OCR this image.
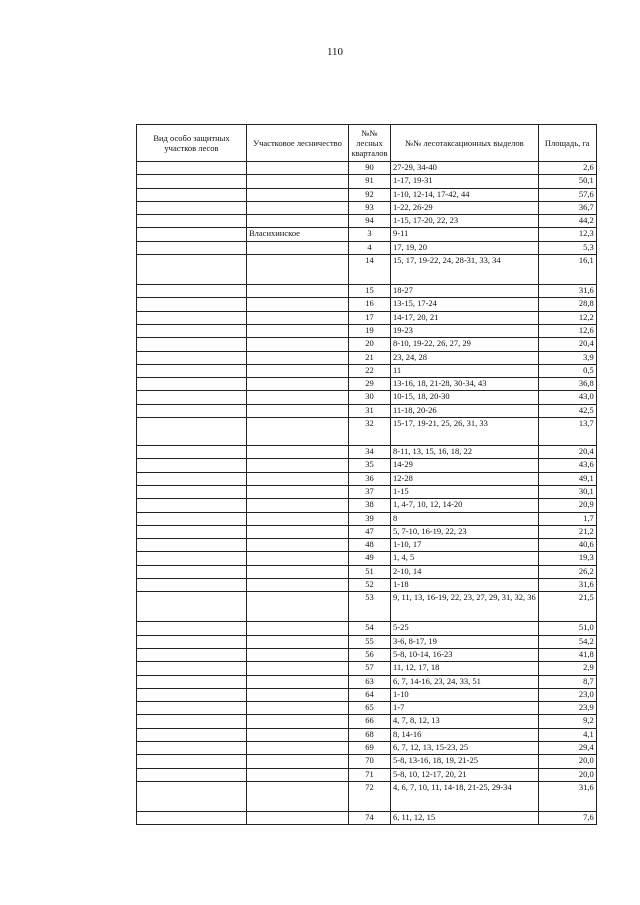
110
Вид особо защитных участков лесов	Участковое лесничество	№№ лесных кварталов	№№ лесотаксационных выделов	Площадь, га
		90	27-29, 34-40	2,6
		91	1-17, 19-31	50,1
		92	1-10, 12-14, 17-42, 44	57,6
		93	1-22, 26-29	36,7
		94	1-15, 17-20, 22, 23	44,2
	Власихинское	3	9-11	12,3
		4	17, 19, 20	5,3
		14	15, 17, 19-22, 24, 28-31, 33, 34	16,1
		15	18-27	31,6
		16	13-15, 17-24	28,8
		17	14-17, 20, 21	12,2
		19	19-23	12,6
		20	8-10, 19-22, 26, 27, 29	20,4
		21	23, 24, 28	3,9
		22	11	0,5
		29	13-16, 18, 21-28, 30-34, 43	36,8
		30	10-15, 18, 20-30	43,0
		31	11-18, 20-26	42,5
		32	15-17, 19-21, 25, 26, 31, 33	13,7
		34	8-11, 13, 15, 16, 18, 22	20,4
		35	14-29	43,6
		36	12-28	49,1
		37	1-15	30,1
		38	1, 4-7, 10, 12, 14-20	20,9
		39	8	1,7
		47	5, 7-10, 16-19, 22, 23	21,2
		48	1-10, 17	40,6
		49	1, 4, 5	19,3
		51	2-10, 14	26,2
		52	1-18	31,6
		53	9, 11, 13, 16-19, 22, 23, 27, 29, 31, 32, 36	21,5
		54	5-25	51,0
		55	3-6, 8-17, 19	54,2
		56	5-8, 10-14, 16-23	41,8
		57	11, 12, 17, 18	2,9
		63	6, 7, 14-16, 23, 24, 33, 51	8,7
		64	1-10	23,0
		65	1-7	23,9
		66	4, 7, 8, 12, 13	9,2
		68	8, 14-16	4,1
		69	6, 7, 12, 13, 15-23, 25	29,4
		70	5-8, 13-16, 18, 19, 21-25	20,0
		71	5-8, 10, 12-17, 20, 21	20,0
		72	4, 6, 7, 10, 11, 14-18, 21-25, 29-34	31,6
		74	6, 11, 12, 15	7,6
